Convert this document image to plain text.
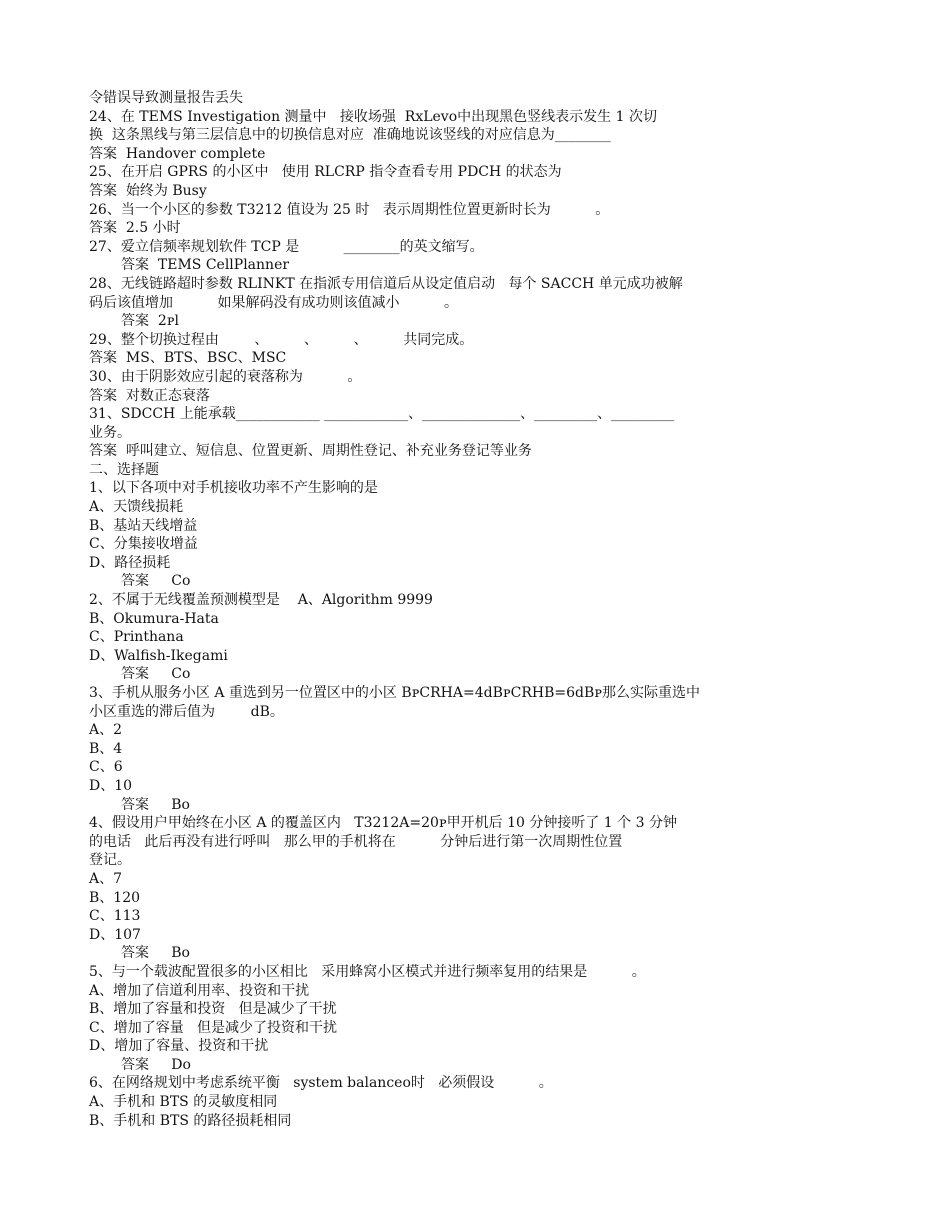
令错误导致测量报告丢失
24、在 TEMS Investigation 测量中   接收场强  RxLevo中出现黑色竖线表示发生 1 次切
换  这条黑线与第三层信息中的切换信息对应  准确地说该竖线的对应信息为________
答案  Handover complete
25、在开启 GPRS 的小区中   使用 RLCRP 指令查看专用 PDCH 的状态为
答案  始终为 Busy
26、当一个小区的参数 T3212 值设为 25 时   表示周期性位置更新时长为          。
答案  2.5 小时
27、爱立信频率规划软件 TCP 是          ________的英文缩写。
答案  TEMS CellPlanner
28、无线链路超时参数 RLINKT 在指派专用信道后从设定值启动   每个 SACCH 单元成功被解
码后该值增加          如果解码没有成功则该值减小          。
答案  2ᴘl
29、整个切换过程由        、        、        、        共同完成。
答案  MS、BTS、BSC、MSC
30、由于阴影效应引起的衰落称为          。
答案  对数正态衰落
31、SDCCH 上能承载____________ ____________、______________、_________、_________
业务。
答案  呼叫建立、短信息、位置更新、周期性登记、补充业务登记等业务
二、选择题
1、以下各项中对手机接收功率不产生影响的是
A、天馈线损耗
B、基站天线增益
C、分集接收增益
D、路径损耗
答案     Co
2、不属于无线覆盖预测模型是    A、Algorithm 9999
B、Okumura-Hata
C、Printhana
D、Walfish-Ikegami
答案     Co
3、手机从服务小区 A 重选到另一位置区中的小区 BᴘCRHA=4dBᴘCRHB=6dBᴘ那么实际重选中
小区重选的滞后值为        dB。
A、2
B、4
C、6
D、10
答案     Bo
4、假设用户甲始终在小区 A 的覆盖区内   T3212A=20ᴘ甲开机后 10 分钟接听了 1 个 3 分钟
的电话   此后再没有进行呼叫   那么甲的手机将在          分钟后进行第一次周期性位置
登记。
A、7
B、120
C、113
D、107
答案     Bo
5、与一个载波配置很多的小区相比   采用蜂窝小区模式并进行频率复用的结果是          。
A、增加了信道利用率、投资和干扰
B、增加了容量和投资   但是减少了干扰
C、增加了容量   但是减少了投资和干扰
D、增加了容量、投资和干扰
答案     Do
6、在网络规划中考虑系统平衡   system balanceo时   必须假设          。
A、手机和 BTS 的灵敏度相同
B、手机和 BTS 的路径损耗相同
